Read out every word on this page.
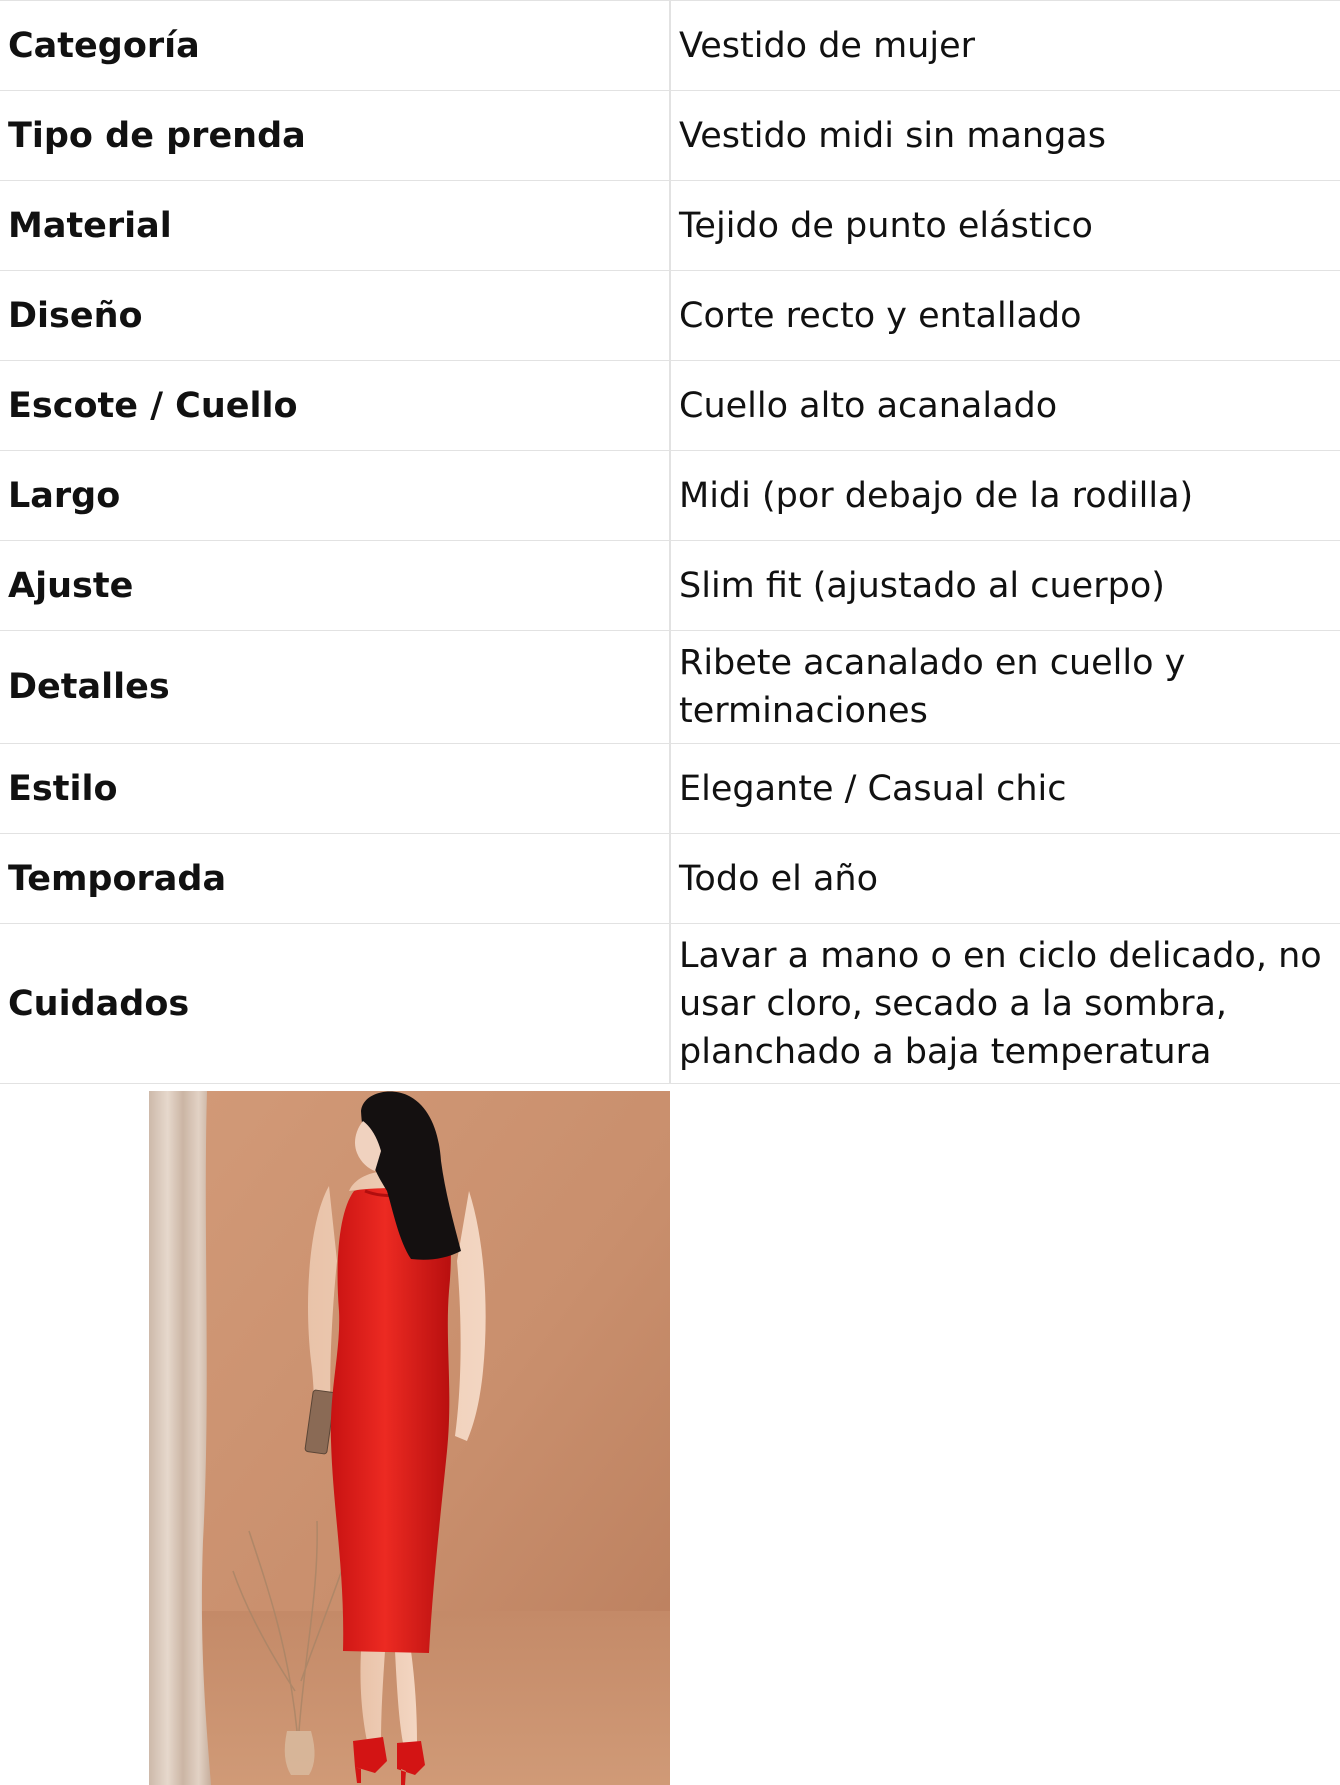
Categoría	Vestido de mujer
Tipo de prenda	Vestido midi sin mangas
Material	Tejido de punto elástico
Diseño	Corte recto y entallado
Escote / Cuello	Cuello alto acanalado
Largo	Midi (por debajo de la rodilla)
Ajuste	Slim fit (ajustado al cuerpo)
Detalles	Ribete acanalado en cuello y
terminaciones

Estilo	Elegante / Casual chic
Temporada	Todo el año
Cuidados	Lavar a mano o en ciclo delicado, no
usar cloro, secado a la sombra,
planchado a baja temperatura
